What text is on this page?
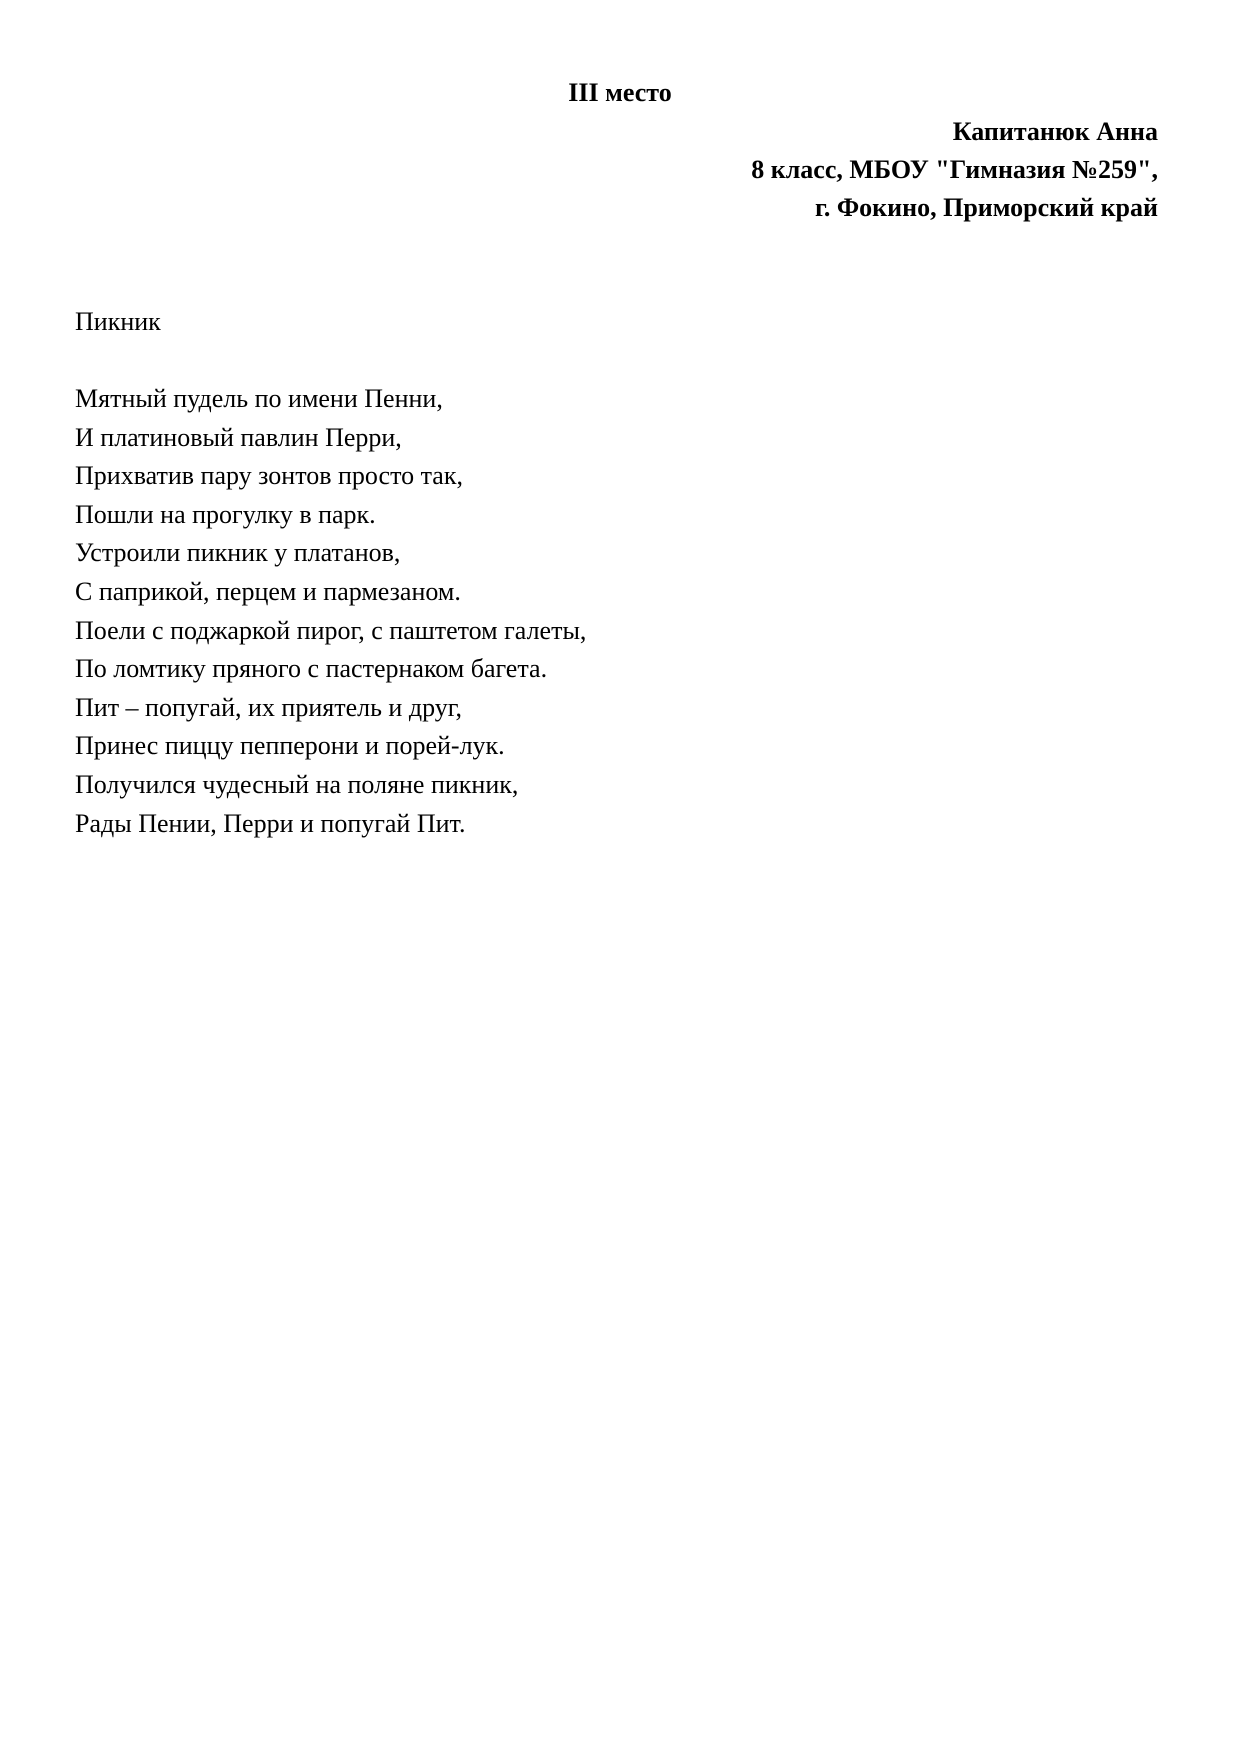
III место
Капитанюк Анна
8 класс, МБОУ "Гимназия №259",
г. Фокино, Приморский край
Пикник
Мятный пудель по имени Пенни,
И платиновый павлин Перри,
Прихватив пару зонтов просто так,
Пошли на прогулку в парк.
Устроили пикник у платанов,
С паприкой, перцем и пармезаном.
Поели с поджаркой пирог, с паштетом галеты,
По ломтику пряного с пастернаком багета.
Пит – попугай, их приятель и друг,
Принес пиццу пепперони и порей-лук.
Получился чудесный на поляне пикник,
Рады Пении, Перри и попугай Пит.
